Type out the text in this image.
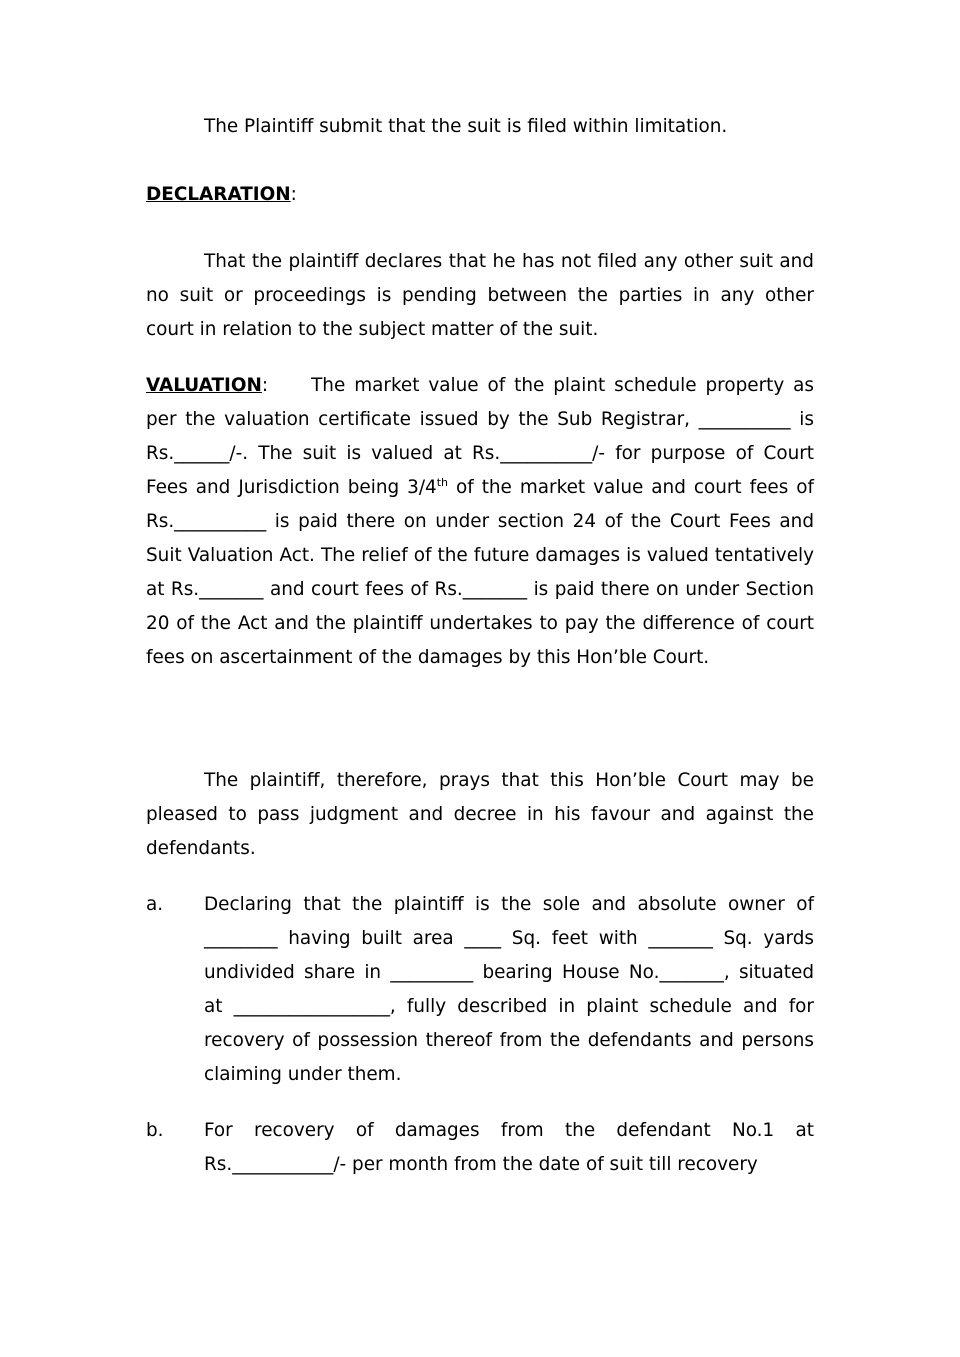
The Plaintiff submit that the suit is filed within limitation.

DECLARATION:

That the plaintiff declares that he has not filed any other suit and no suit or proceedings is pending between the parties in any other court in relation to the subject matter of the suit.

VALUATION: The market value of the plaint schedule property as per the valuation certificate issued by the Sub Registrar, __________ is Rs.______/-. The suit is valued at Rs.__________/- for purpose of Court Fees and Jurisdiction being 3/4th of the market value and court fees of Rs.__________ is paid there on under section 24 of the Court Fees and Suit Valuation Act. The relief of the future damages is valued tentatively at Rs._______ and court fees of Rs._______ is paid there on under Section 20 of the Act and the plaintiff undertakes to pay the difference of court fees on ascertainment of the damages by this Hon’ble Court.

The plaintiff, therefore, prays that this Hon’ble Court may be pleased to pass judgment and decree in his favour and against the defendants.

a.	Declaring that the plaintiff is the sole and absolute owner of ________ having built area ____ Sq. feet with _______ Sq. yards undivided share in _________ bearing House No._______, situated at _________________, fully described in plaint schedule and for recovery of possession thereof from the defendants and persons claiming under them.
b.	For recovery of damages from the defendant No.1 at Rs.___________/- per month from the date of suit till recovery
